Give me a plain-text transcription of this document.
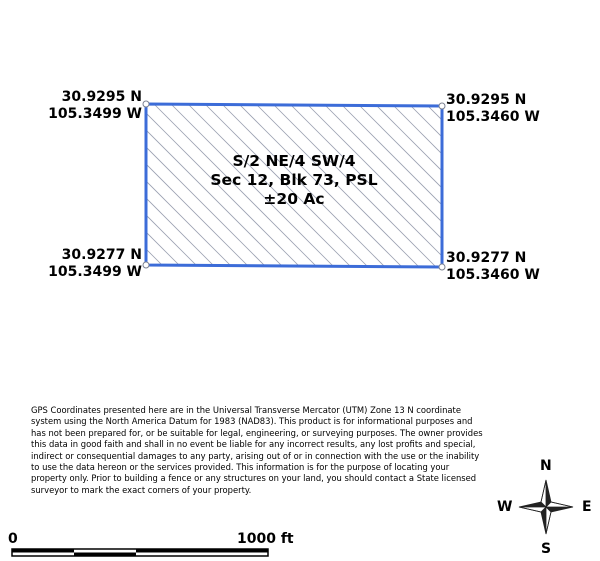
30.9295 N
105.3499 W
30.9295 N
105.3460 W
30.9277 N
105.3499 W
30.9277 N
105.3460 W
S/2 NE/4 SW/4
Sec 12, Blk 73, PSL
±20 Ac
GPS Coordinates presented here are in the Universal Transverse Mercator (UTM) Zone 13 N coordinate system using the North America Datum for 1983 (NAD83). This product is for informational purposes and has not been prepared for, or be suitable for legal, engineering, or surveying purposes. The owner provides this data in good faith and shall in no event be liable for any incorrect results, any lost profits and special, indirect or consequential damages to any party, arising out of or in connection with the use or the inability to use the data hereon or the services provided. This information is for the purpose of locating your property only. Prior to building a fence or any structures on your land, you should contact a State licensed surveyor to mark the exact corners of your property.
0	1000 ft
N
S
E
W
